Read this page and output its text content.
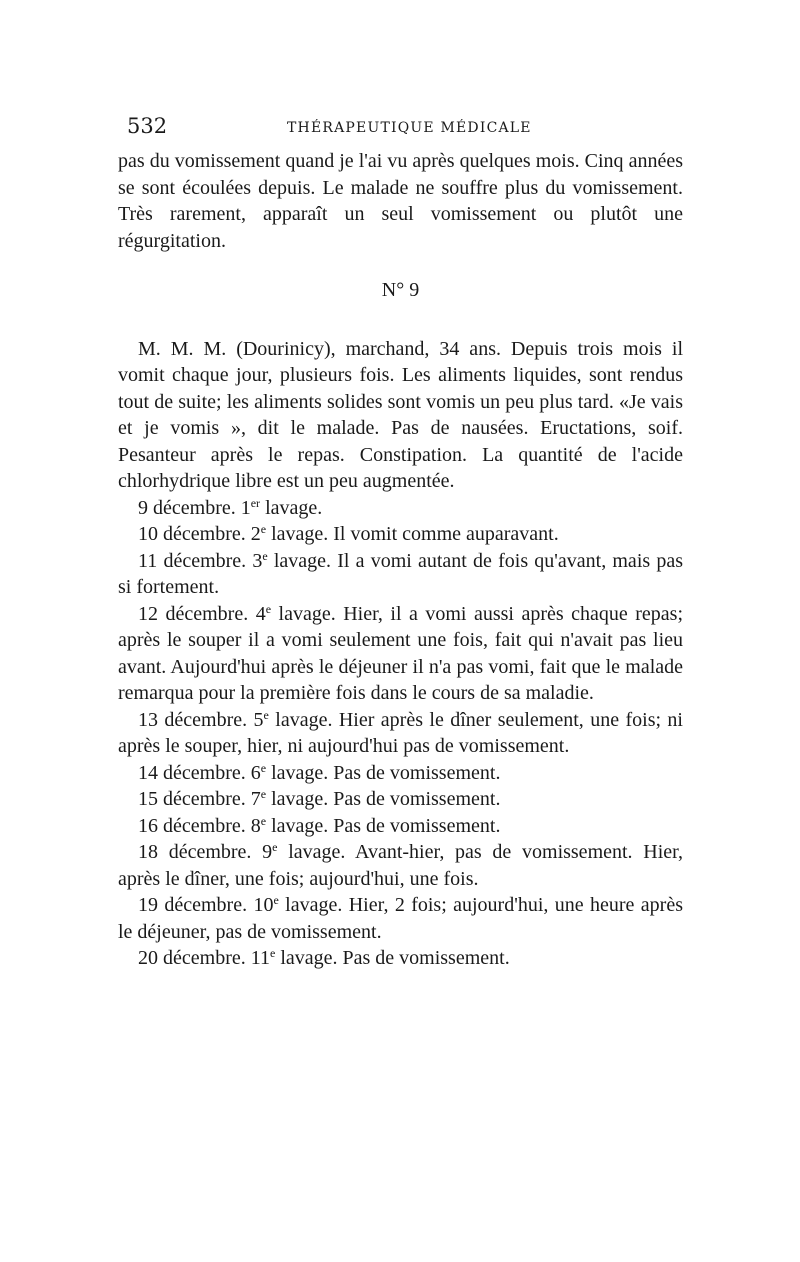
532	THÉRAPEUTIQUE MÉDICALE

pas du vomissement quand je l'ai vu après quelques mois. Cinq années se sont écoulées depuis. Le malade ne souffre plus du vomissement. Très rarement, apparaît un seul vomissement ou plutôt une régurgitation.

N° 9

M. M. M. (Dourinicy), marchand, 34 ans. Depuis trois mois il vomit chaque jour, plusieurs fois. Les aliments liquides, sont rendus tout de suite; les aliments solides sont vomis un peu plus tard. «Je vais et je vomis », dit le malade. Pas de nausées. Eructations, soif. Pesanteur après le repas. Constipation. La quantité de l'acide chlorhydrique libre est un peu augmentée.

9 décembre. 1er lavage.

10 décembre. 2e lavage. Il vomit comme auparavant.

11 décembre. 3e lavage. Il a vomi autant de fois qu'avant, mais pas si fortement.

12 décembre. 4e lavage. Hier, il a vomi aussi après chaque repas; après le souper il a vomi seulement une fois, fait qui n'avait pas lieu avant. Aujourd'hui après le déjeuner il n'a pas vomi, fait que le malade remarqua pour la première fois dans le cours de sa maladie.

13 décembre. 5e lavage. Hier après le dîner seulement, une fois; ni après le souper, hier, ni aujourd'hui pas de vomissement.

14 décembre. 6e lavage. Pas de vomissement.

15 décembre. 7e lavage. Pas de vomissement.

16 décembre. 8e lavage. Pas de vomissement.

18 décembre. 9e lavage. Avant-hier, pas de vomissement. Hier, après le dîner, une fois; aujourd'hui, une fois.

19 décembre. 10e lavage. Hier, 2 fois; aujourd'hui, une heure après le déjeuner, pas de vomissement.

20 décembre. 11e lavage. Pas de vomissement.
